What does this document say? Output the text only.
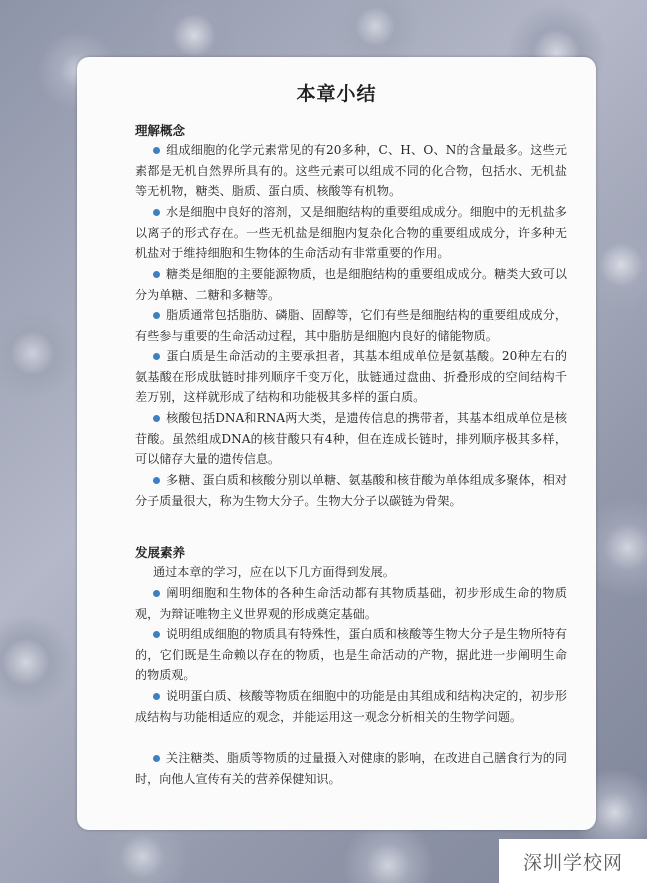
本章小结
理解概念

组成细胞的化学元素常见的有20多种，C、H、O、N的含量最多。这些元素都是无机自然界所具有的。这些元素可以组成不同的化合物，包括水、无机盐等无机物，糖类、脂质、蛋白质、核酸等有机物。

水是细胞中良好的溶剂，又是细胞结构的重要组成成分。细胞中的无机盐多以离子的形式存在。一些无机盐是细胞内复杂化合物的重要组成成分，许多种无机盐对于维持细胞和生物体的生命活动有非常重要的作用。

糖类是细胞的主要能源物质，也是细胞结构的重要组成成分。糖类大致可以分为单糖、二糖和多糖等。

脂质通常包括脂肪、磷脂、固醇等，它们有些是细胞结构的重要组成成分，有些参与重要的生命活动过程，其中脂肪是细胞内良好的储能物质。

蛋白质是生命活动的主要承担者，其基本组成单位是氨基酸。20种左右的氨基酸在形成肽链时排列顺序千变万化，肽链通过盘曲、折叠形成的空间结构千差万别，这样就形成了结构和功能极其多样的蛋白质。

核酸包括DNA和RNA两大类，是遗传信息的携带者，其基本组成单位是核苷酸。虽然组成DNA的核苷酸只有4种，但在连成长链时，排列顺序极其多样，可以储存大量的遗传信息。

多糖、蛋白质和核酸分别以单糖、氨基酸和核苷酸为单体组成多聚体，相对分子质量很大，称为生物大分子。生物大分子以碳链为骨架。

发展素养

通过本章的学习，应在以下几方面得到发展。

阐明细胞和生物体的各种生命活动都有其物质基础，初步形成生命的物质观，为辩证唯物主义世界观的形成奠定基础。

说明组成细胞的物质具有特殊性，蛋白质和核酸等生物大分子是生物所特有的，它们既是生命赖以存在的物质，也是生命活动的产物，据此进一步阐明生命的物质观。

说明蛋白质、核酸等物质在细胞中的功能是由其组成和结构决定的，初步形成结构与功能相适应的观念，并能运用这一观念分析相关的生物学问题。

关注糖类、脂质等物质的过量摄入对健康的影响，在改进自己膳食行为的同时，向他人宣传有关的营养保健知识。

深圳学校网
